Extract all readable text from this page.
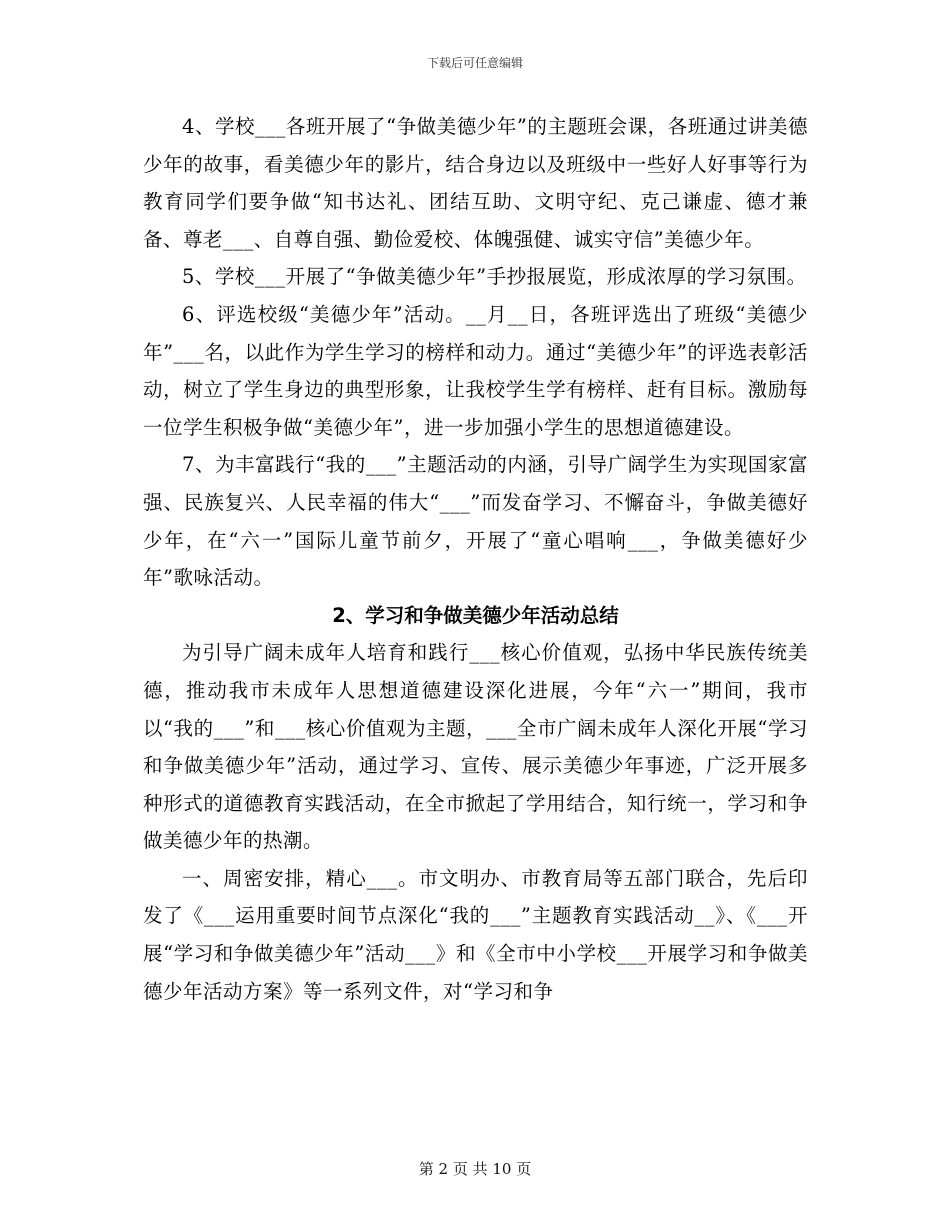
下载后可任意编辑

4、学校___各班开展了“争做美德少年”的主题班会课，各班通过讲美德少年的故事，看美德少年的影片，结合身边以及班级中一些好人好事等行为教育同学们要争做“知书达礼、团结互助、文明守纪、克己谦虚、德才兼备、尊老___、自尊自强、勤俭爱校、体魄强健、诚实守信”美德少年。

5、学校___开展了“争做美德少年”手抄报展览，形成浓厚的学习氛围。

6、评选校级“美德少年”活动。__月__日，各班评选出了班级“美德少年”___名，以此作为学生学习的榜样和动力。通过“美德少年”的评选表彰活动，树立了学生身边的典型形象，让我校学生学有榜样、赶有目标。激励每一位学生积极争做“美德少年”，进一步加强小学生的思想道德建设。

7、为丰富践行“我的___”主题活动的内涵，引导广阔学生为实现国家富强、民族复兴、人民幸福的伟大“___”而发奋学习、不懈奋斗，争做美德好少年，在“六一”国际儿童节前夕，开展了“童心唱响___，争做美德好少年”歌咏活动。

2、学习和争做美德少年活动总结

为引导广阔未成年人培育和践行___核心价值观，弘扬中华民族传统美德，推动我市未成年人思想道德建设深化进展，今年“六一”期间，我市以“我的___”和___核心价值观为主题，___全市广阔未成年人深化开展“学习和争做美德少年”活动，通过学习、宣传、展示美德少年事迹，广泛开展多种形式的道德教育实践活动，在全市掀起了学用结合，知行统一，学习和争做美德少年的热潮。

一、周密安排，精心___。市文明办、市教育局等五部门联合，先后印发了《___运用重要时间节点深化“我的___”主题教育实践活动__》、《___开展“学习和争做美德少年”活动___》和《全市中小学校___开展学习和争做美德少年活动方案》等一系列文件，对“学习和争

第 2 页 共 10 页
